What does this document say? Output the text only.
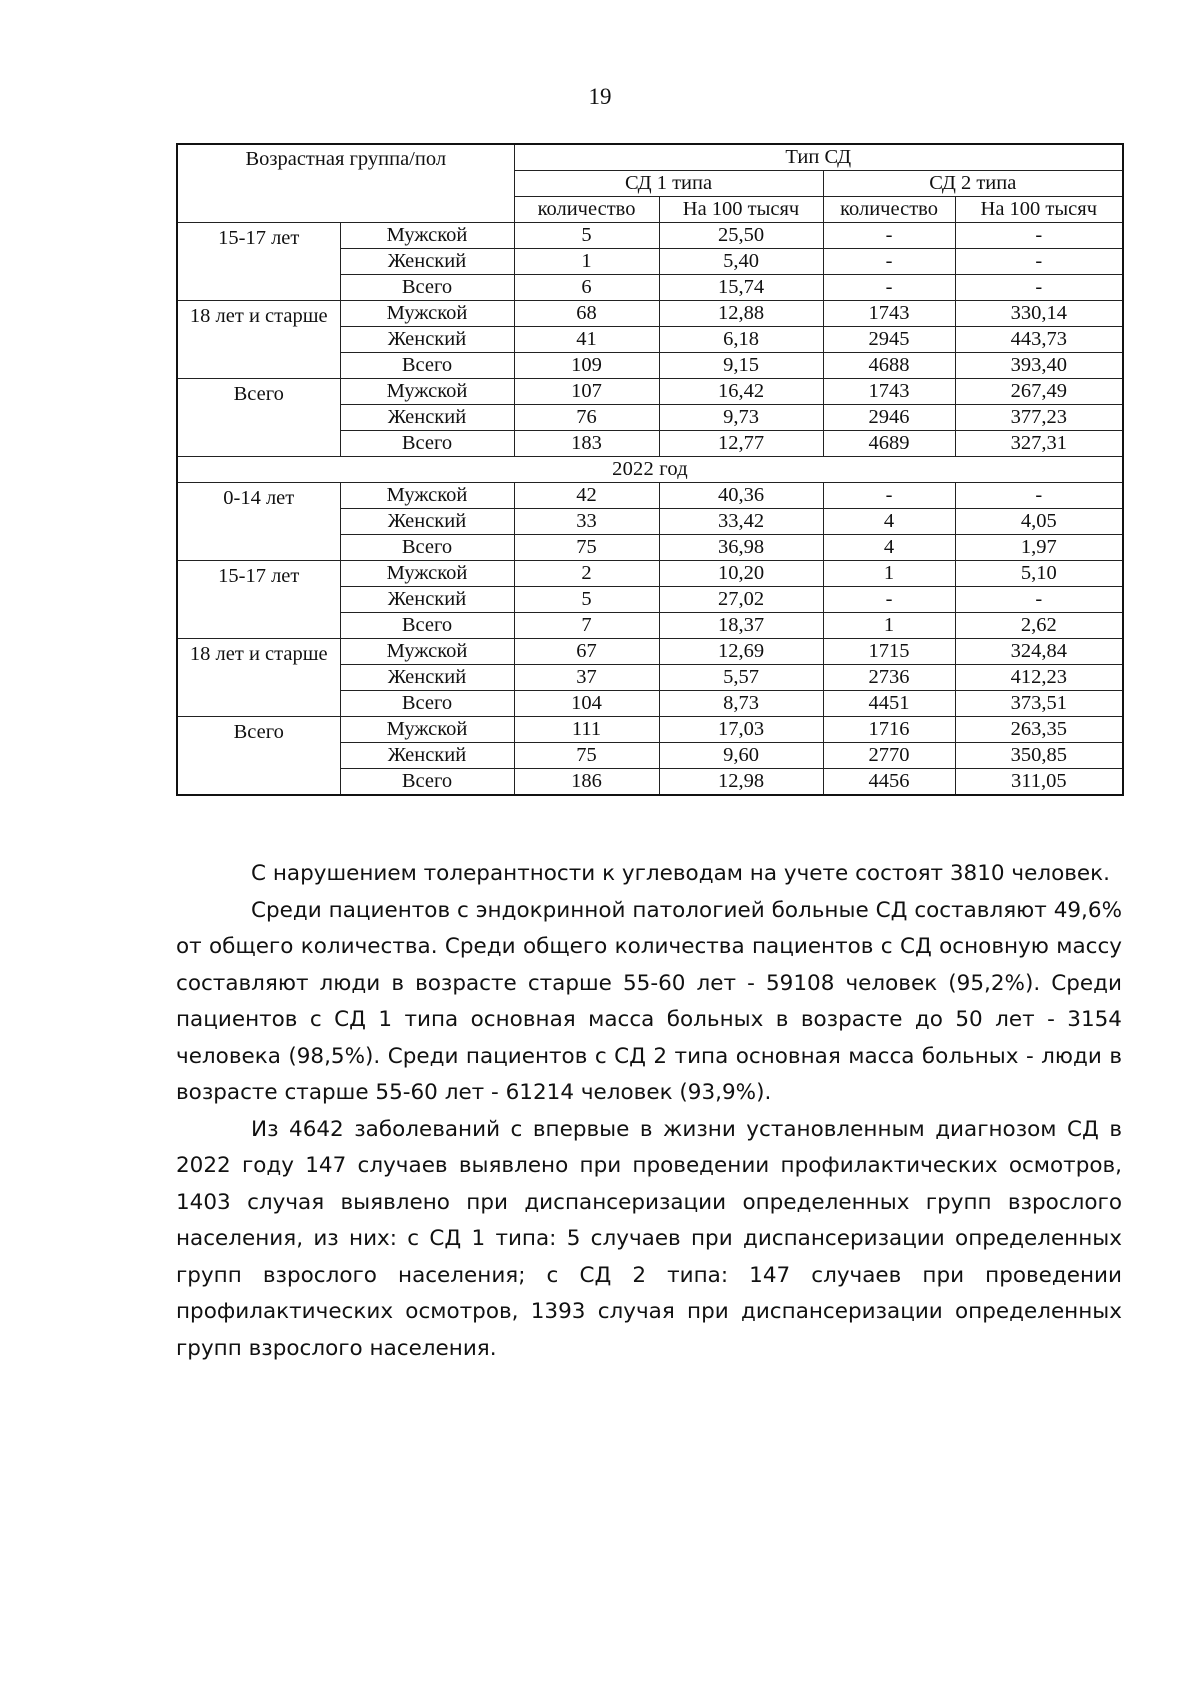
19
Возрастная группа/пол		Тип СД			
		СД 1 типа		СД 2 типа	
		количество	На 100 тысяч	количество	На 100 тысяч
15-17 лет	Мужской	5	25,50	-	-
	Женский	1	5,40	-	-
	Всего	6	15,74	-	-
18 лет и старше	Мужской	68	12,88	1743	330,14
	Женский	41	6,18	2945	443,73
	Всего	109	9,15	4688	393,40
Всего	Мужской	107	16,42	1743	267,49
	Женский	76	9,73	2946	377,23
	Всего	183	12,77	4689	327,31
2022 год					
0-14 лет	Мужской	42	40,36	-	-
	Женский	33	33,42	4	4,05
	Всего	75	36,98	4	1,97
15-17 лет	Мужской	2	10,20	1	5,10
	Женский	5	27,02	-	-
	Всего	7	18,37	1	2,62
18 лет и старше	Мужской	67	12,69	1715	324,84
	Женский	37	5,57	2736	412,23
	Всего	104	8,73	4451	373,51
Всего	Мужской	111	17,03	1716	263,35
	Женский	75	9,60	2770	350,85
	Всего	186	12,98	4456	311,05

С нарушением толерантности к углеводам на учете состоят 3810 человек.

Среди пациентов с эндокринной патологией больные СД составляют 49,6% от общего количества. Среди общего количества пациентов с СД основную массу составляют люди в возрасте старше 55-60 лет - 59108 человек (95,2%). Среди пациентов с СД 1 типа основная масса больных в возрасте до 50 лет - 3154 человека (98,5%). Среди пациентов с СД 2 типа основная масса больных - люди в возрасте старше 55-60 лет - 61214 человек (93,9%).

Из 4642 заболеваний с впервые в жизни установленным диагнозом СД в 2022 году 147 случаев выявлено при проведении профилактических осмотров, 1403 случая выявлено при диспансеризации определенных групп взрослого населения, из них: с СД 1 типа: 5 случаев при диспансеризации определенных групп взрослого населения; с СД 2 типа: 147 случаев при проведении профилактических осмотров, 1393 случая при диспансеризации определенных групп взрослого населения.
